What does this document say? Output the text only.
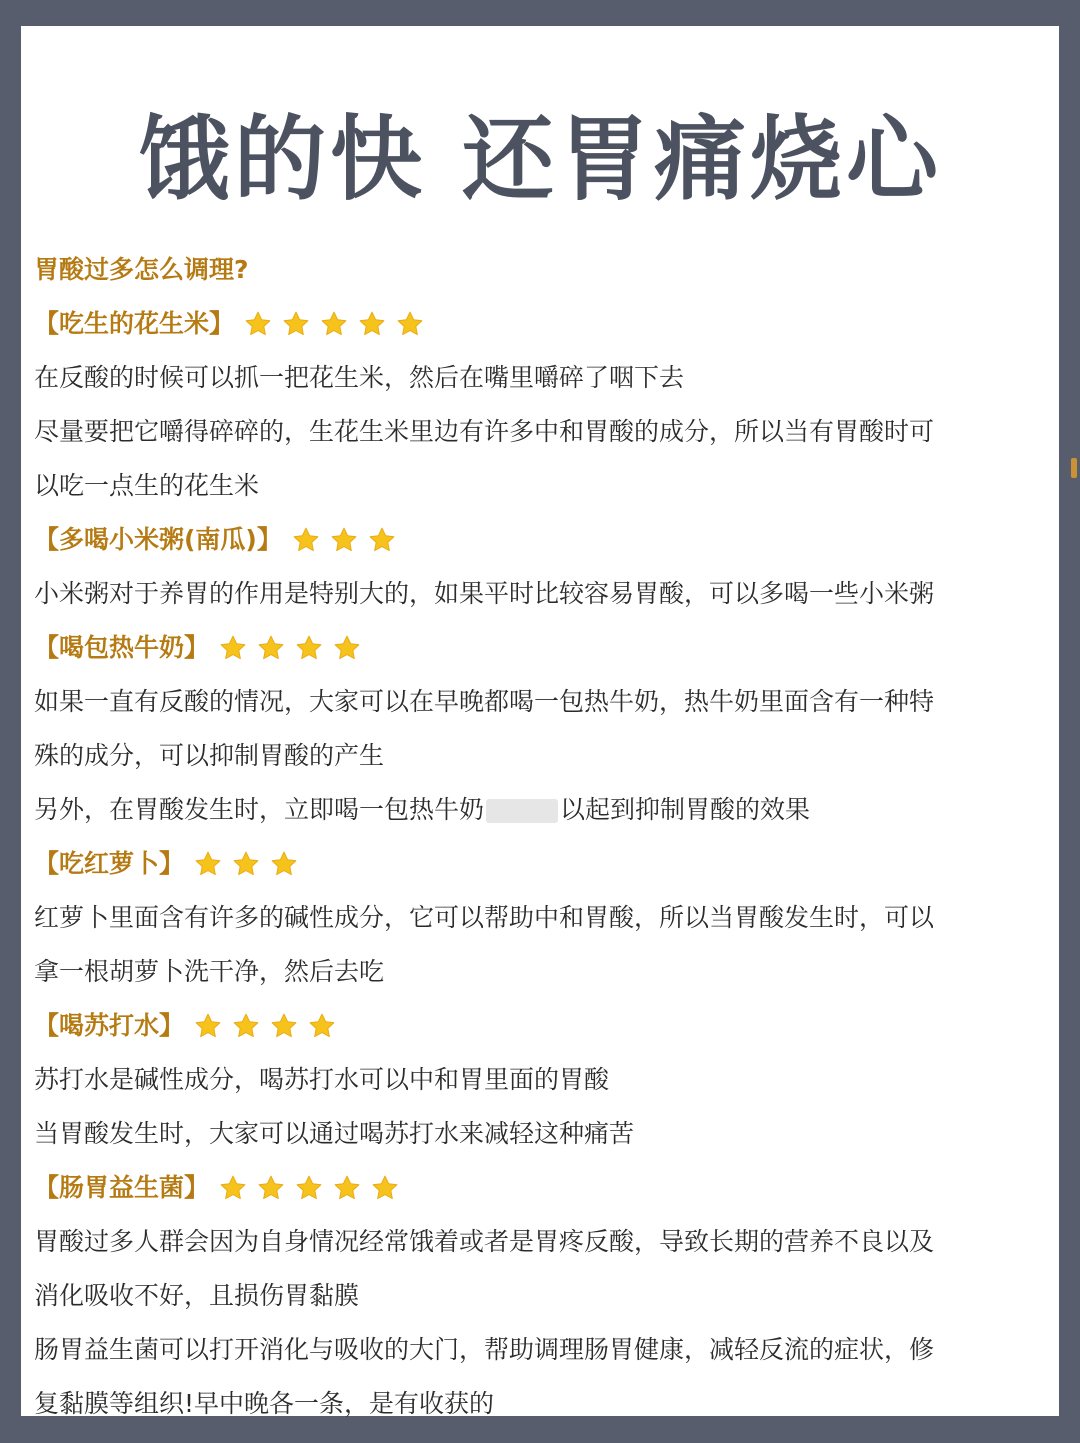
饿的快 还胃痛烧心
胃酸过多怎么调理?
【吃生的花生米】
在反酸的时候可以抓一把花生米，然后在嘴里嚼碎了咽下去
尽量要把它嚼得碎碎的，生花生米里边有许多中和胃酸的成分，所以当有胃酸时可
以吃一点生的花生米
【多喝小米粥(南瓜)】
小米粥对于养胃的作用是特别大的，如果平时比较容易胃酸，可以多喝一些小米粥
【喝包热牛奶】
如果一直有反酸的情况，大家可以在早晚都喝一包热牛奶，热牛奶里面含有一种特
殊的成分，可以抑制胃酸的产生
另外，在胃酸发生时，立即喝一包热牛奶	以起到抑制胃酸的效果
【吃红萝卜】
红萝卜里面含有许多的碱性成分，它可以帮助中和胃酸，所以当胃酸发生时，可以
拿一根胡萝卜洗干净，然后去吃
【喝苏打水】
苏打水是碱性成分，喝苏打水可以中和胃里面的胃酸
当胃酸发生时，大家可以通过喝苏打水来减轻这种痛苦
【肠胃益生菌】
胃酸过多人群会因为自身情况经常饿着或者是胃疼反酸，导致长期的营养不良以及
消化吸收不好，且损伤胃黏膜
肠胃益生菌可以打开消化与吸收的大门，帮助调理肠胃健康，减轻反流的症状，修
复黏膜等组织!早中晚各一条，是有收获的
